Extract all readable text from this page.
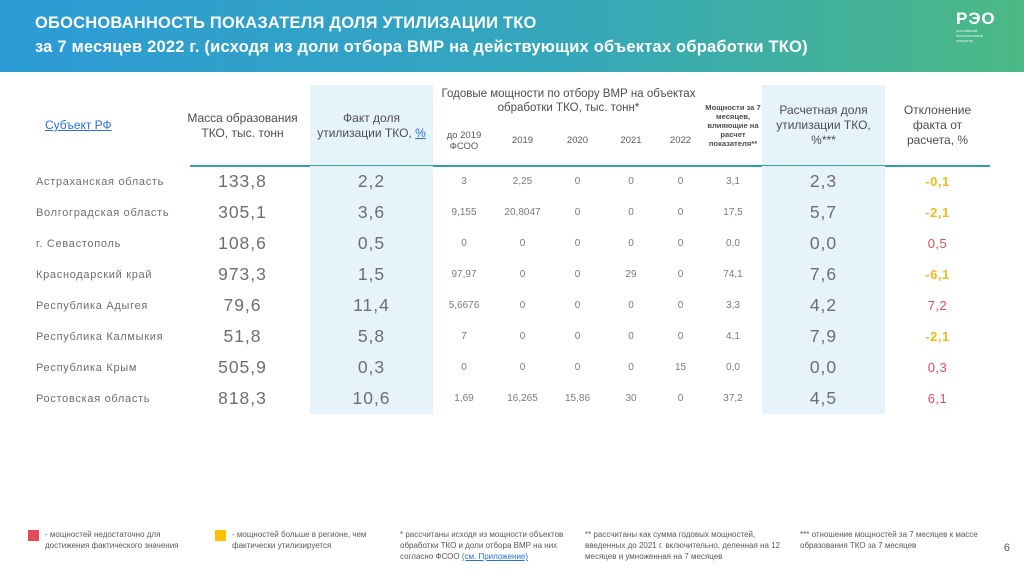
ОБОСНОВАННОСТЬ ПОКАЗАТЕЛЯ ДОЛЯ УТИЛИЗАЦИИ ТКО
за 7 месяцев 2022 г. (исходя из доли отбора ВМР на действующих объектах обработки ТКО)
РЭО
российский экологический оператор
Субъект РФ
Масса образования ТКО, тыс. тонн
Факт доля утилизации ТКО, %
Годовые мощности по отбору ВМР на объектах обработки ТКО, тыс. тонн*
до 2019 ФСОО	2019	2020	2021	2022
Мощности за 7 месяцев, влияющие на расчет показателя**
Расчетная доля утилизации ТКО, %***
Отклонение факта от расчета, %
Астраханская область	133,8	2,2	3	2,25	0	0	0	3,1	2,3	-0,1
Волгоградская область	305,1	3,6	9,155	20,8047	0	0	0	17,5	5,7	-2,1
г. Севастополь	108,6	0,5	0	0	0	0	0	0,0	0,0	0,5
Краснодарский край	973,3	1,5	97,97	0	0	29	0	74,1	7,6	-6,1
Республика Адыгея	79,6	11,4	5,6676	0	0	0	0	3,3	4,2	7,2
Республика Калмыкия	51,8	5,8	7	0	0	0	0	4,1	7,9	-2,1
Республика Крым	505,9	0,3	0	0	0	0	15	0,0	0,0	0,3
Ростовская область	818,3	10,6	1,69	16,265	15,86	30	0	37,2	4,5	6,1
- мощностей недостаточно для достижения фактического значения
- мощностей больше в регионе, чем фактически утилизируется
* рассчитаны исходя из мощности объектов обработки ТКО и доли отбора ВМР на них согласно ФСОО (см. Приложение)
** рассчитаны как сумма годовых мощностей, введенных до 2021 г. включительно, деленная на 12 месяцев и умноженная на 7 месяцев
*** отношение мощностей за 7 месяцев к массе образования ТКО за 7 месяцев	6
